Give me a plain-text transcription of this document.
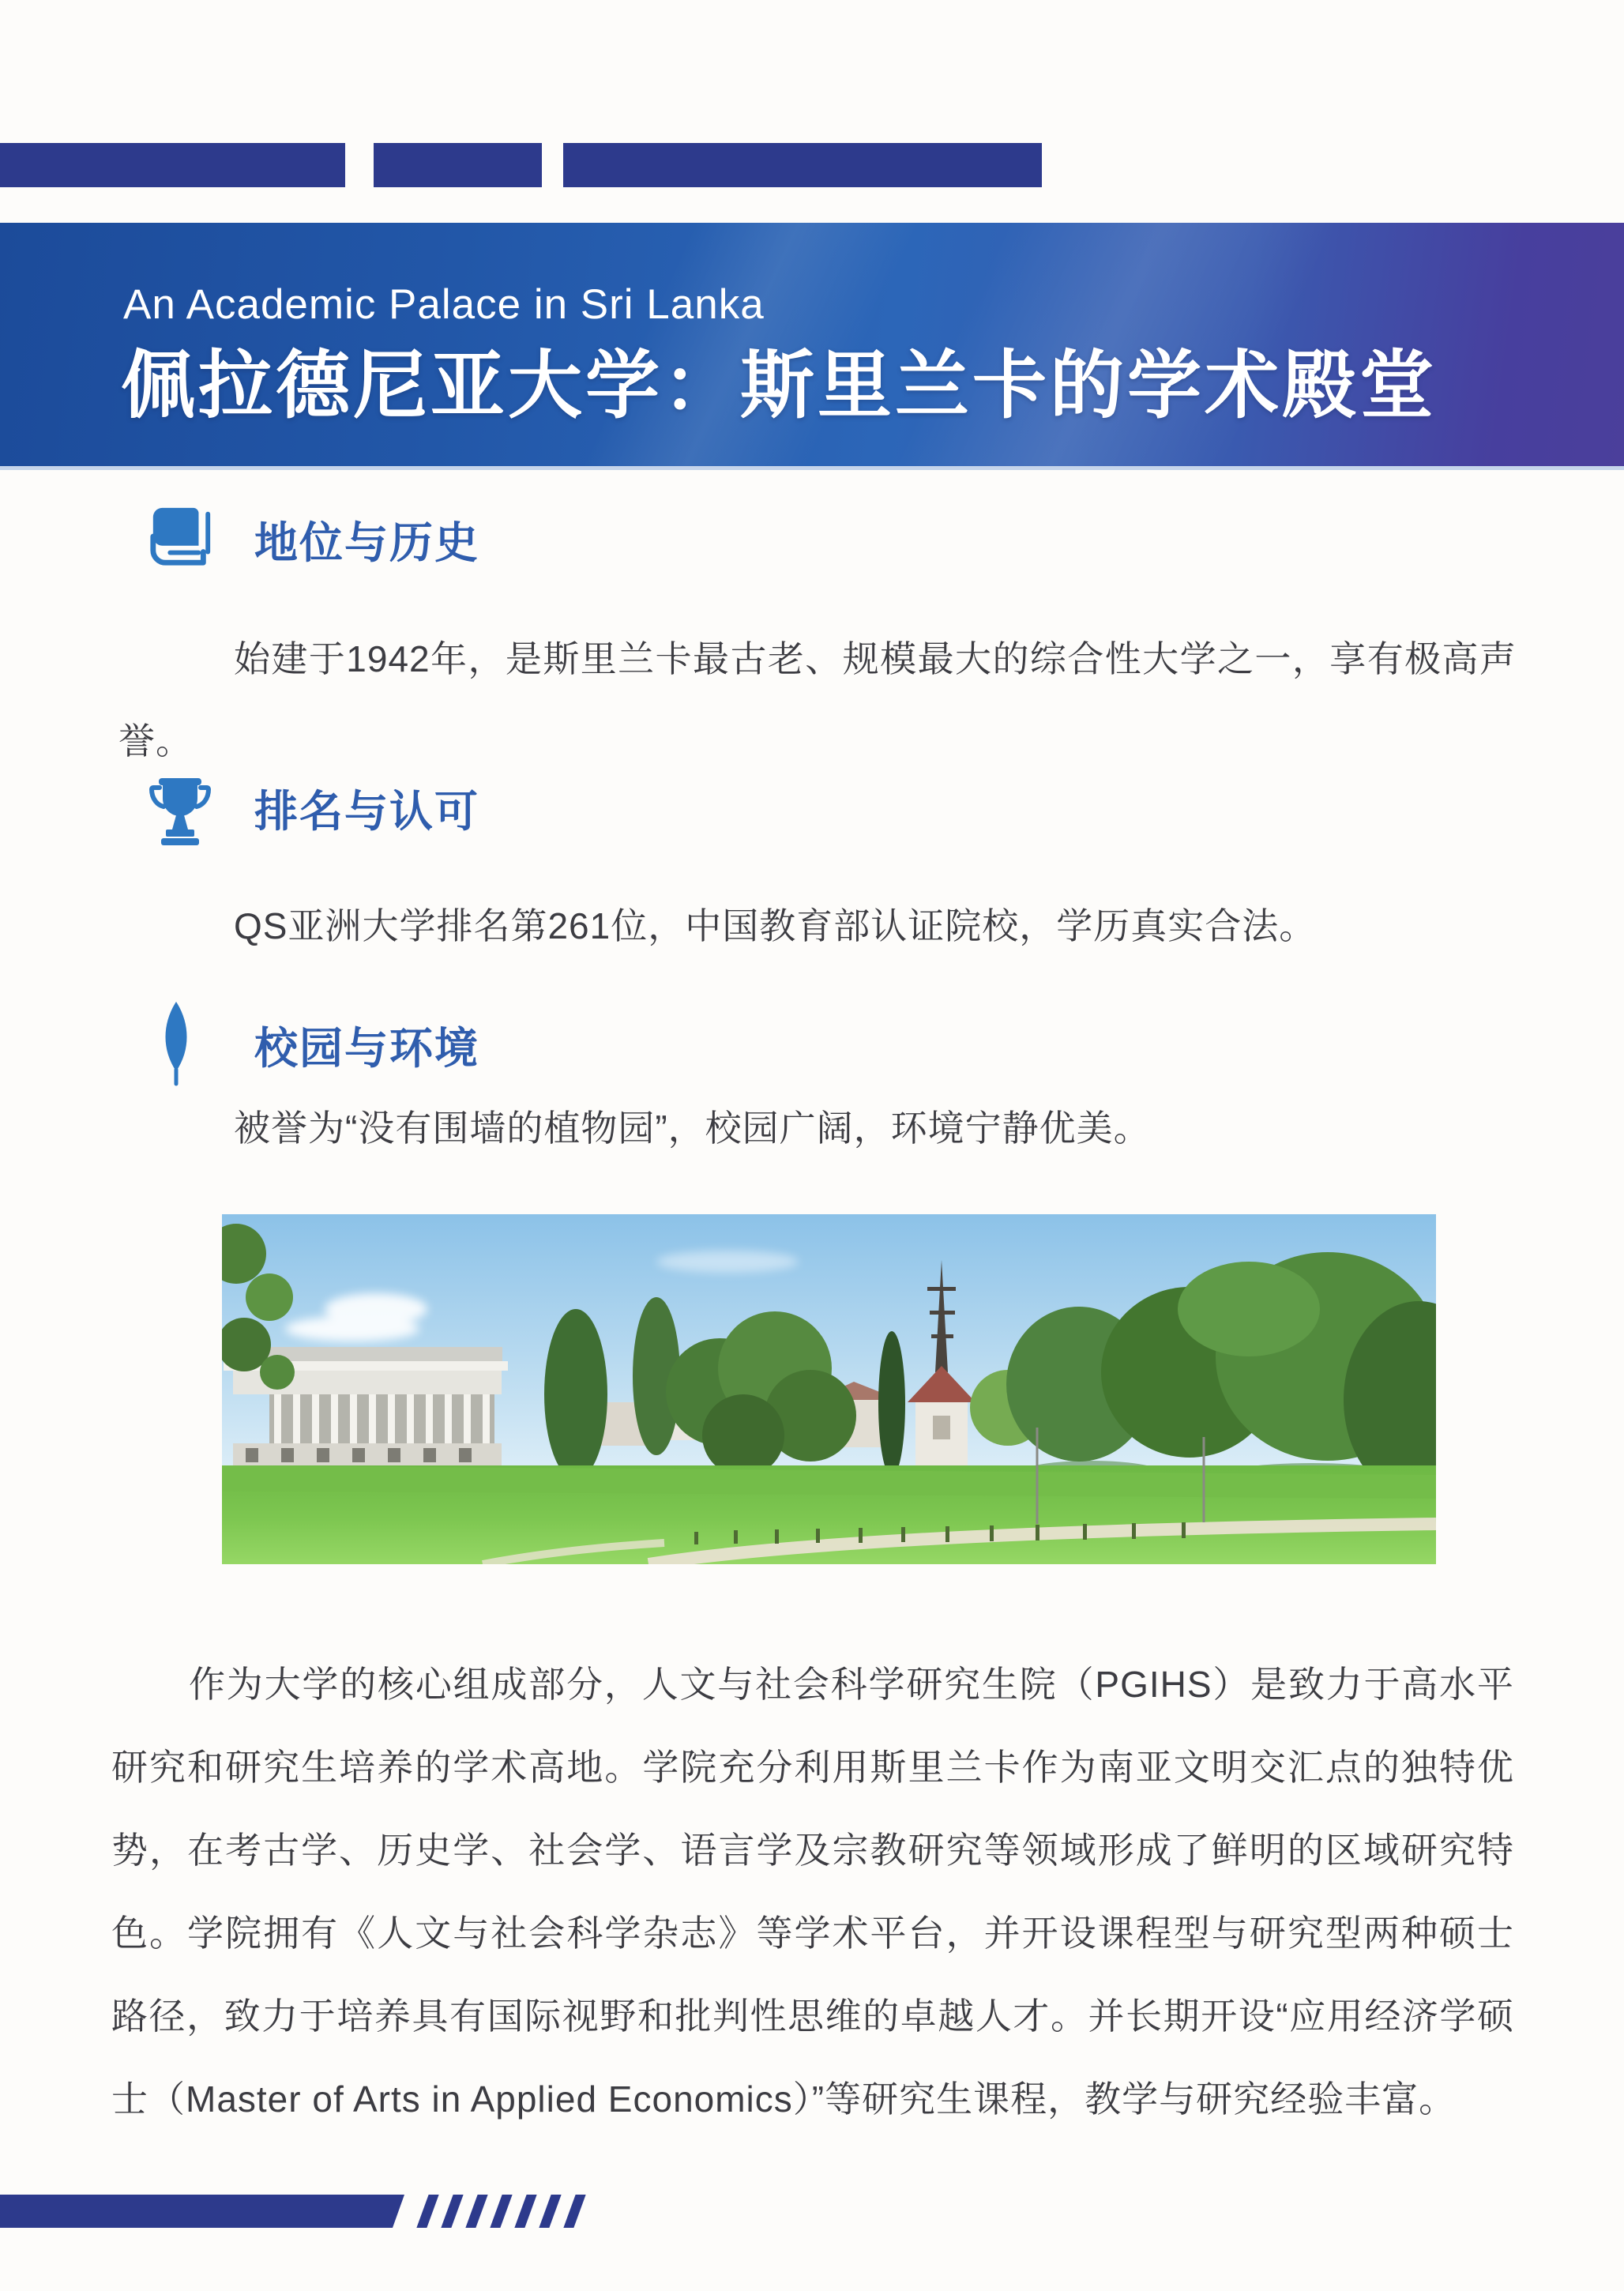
An Academic Palace in Sri Lanka
佩拉德尼亚大学：斯里兰卡的学术殿堂
地位与历史
始建于1942年，是斯里兰卡最古老、规模最大的综合性大学之一，享有极高声誉。
排名与认可
QS亚洲大学排名第261位，中国教育部认证院校，学历真实合法。
校园与环境
被誉为“没有围墙的植物园”，校园广阔，环境宁静优美。
作为大学的核心组成部分，人文与社会科学研究生院（PGIHS）是致力于高水平研究和研究生培养的学术高地。学院充分利用斯里兰卡作为南亚文明交汇点的独特优势，在考古学、历史学、社会学、语言学及宗教研究等领域形成了鲜明的区域研究特色。学院拥有《人文与社会科学杂志》等学术平台，并开设课程型与研究型两种硕士路径，致力于培养具有国际视野和批判性思维的卓越人才。并长期开设“应用经济学硕士（Master of Arts in Applied Economics）”等研究生课程，教学与研究经验丰富。
